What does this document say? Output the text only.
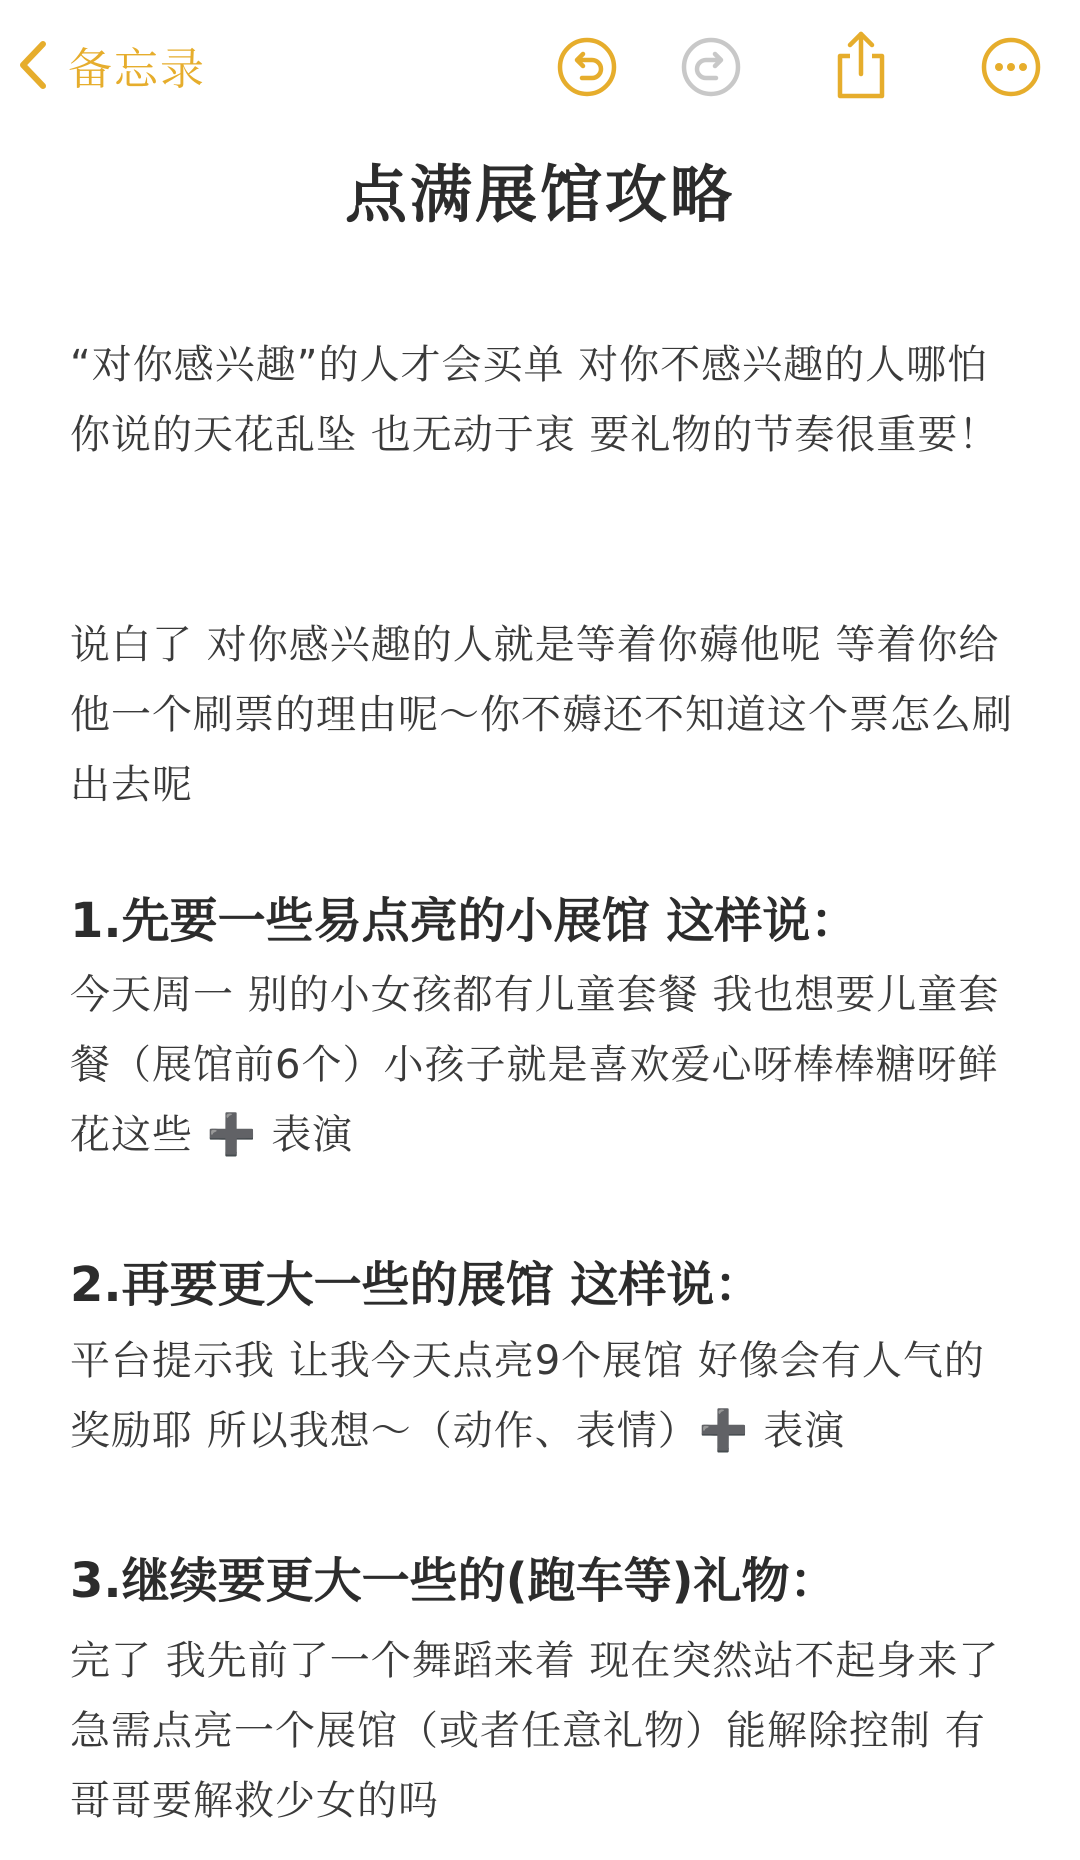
备忘录
点满展馆攻略

“对你感兴趣”的人才会买单 对你不感兴趣的人哪怕你说的天花乱坠 也无动于衷 要礼物的节奏很重要！

说白了 对你感兴趣的人就是等着你薅他呢 等着你给他一个刷票的理由呢～你不薅还不知道这个票怎么刷出去呢

1.先要一些易点亮的小展馆 这样说：

今天周一 别的小女孩都有儿童套餐 我也想要儿童套餐（展馆前6个）小孩子就是喜欢爱心呀棒棒糖呀鲜花这些 ➕ 表演

2.再要更大一些的展馆 这样说：

平台提示我 让我今天点亮9个展馆 好像会有人气的奖励耶 所以我想～（动作、表情）➕ 表演

3.继续要更大一些的(跑车等)礼物：

完了 我先前了一个舞蹈来着 现在突然站不起身来了 急需点亮一个展馆（或者任意礼物）能解除控制 有哥哥要解救少女的吗
